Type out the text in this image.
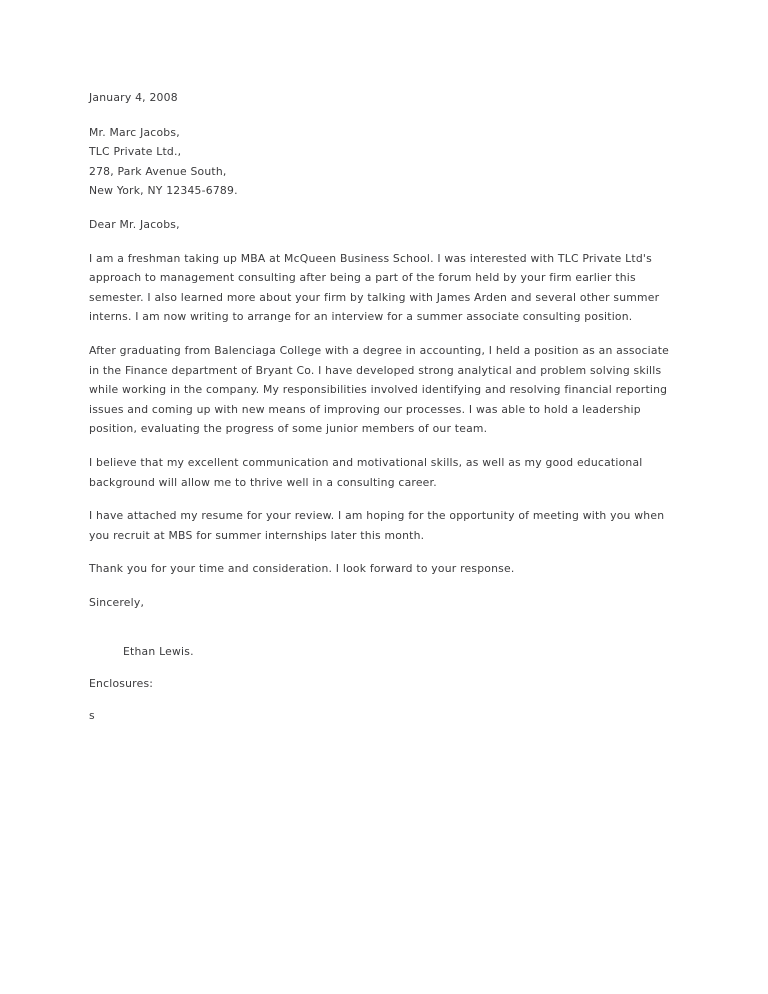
January 4, 2008
Mr. Marc Jacobs,
TLC Private Ltd.,
278, Park Avenue South,
New York, NY 12345-6789.
Dear Mr. Jacobs,

I am a freshman taking up MBA at McQueen Business School. I was interested with TLC Private Ltd's approach to management consulting after being a part of the forum held by your firm earlier this semester. I also learned more about your firm by talking with James Arden and several other summer interns. I am now writing to arrange for an interview for a summer associate consulting position.

After graduating from Balenciaga College with a degree in accounting, I held a position as an associate in the Finance department of Bryant Co. I have developed strong analytical and problem solving skills while working in the company. My responsibilities involved identifying and resolving financial reporting issues and coming up with new means of improving our processes. I was able to hold a leadership position, evaluating the progress of some junior members of our team.

I believe that my excellent communication and motivational skills, as well as my good educational background will allow me to thrive well in a consulting career.

I have attached my resume for your review. I am hoping for the opportunity of meeting with you when you recruit at MBS for summer internships later this month.

Thank you for your time and consideration. I look forward to your response.

Sincerely,
Ethan Lewis.
Enclosures:
s
